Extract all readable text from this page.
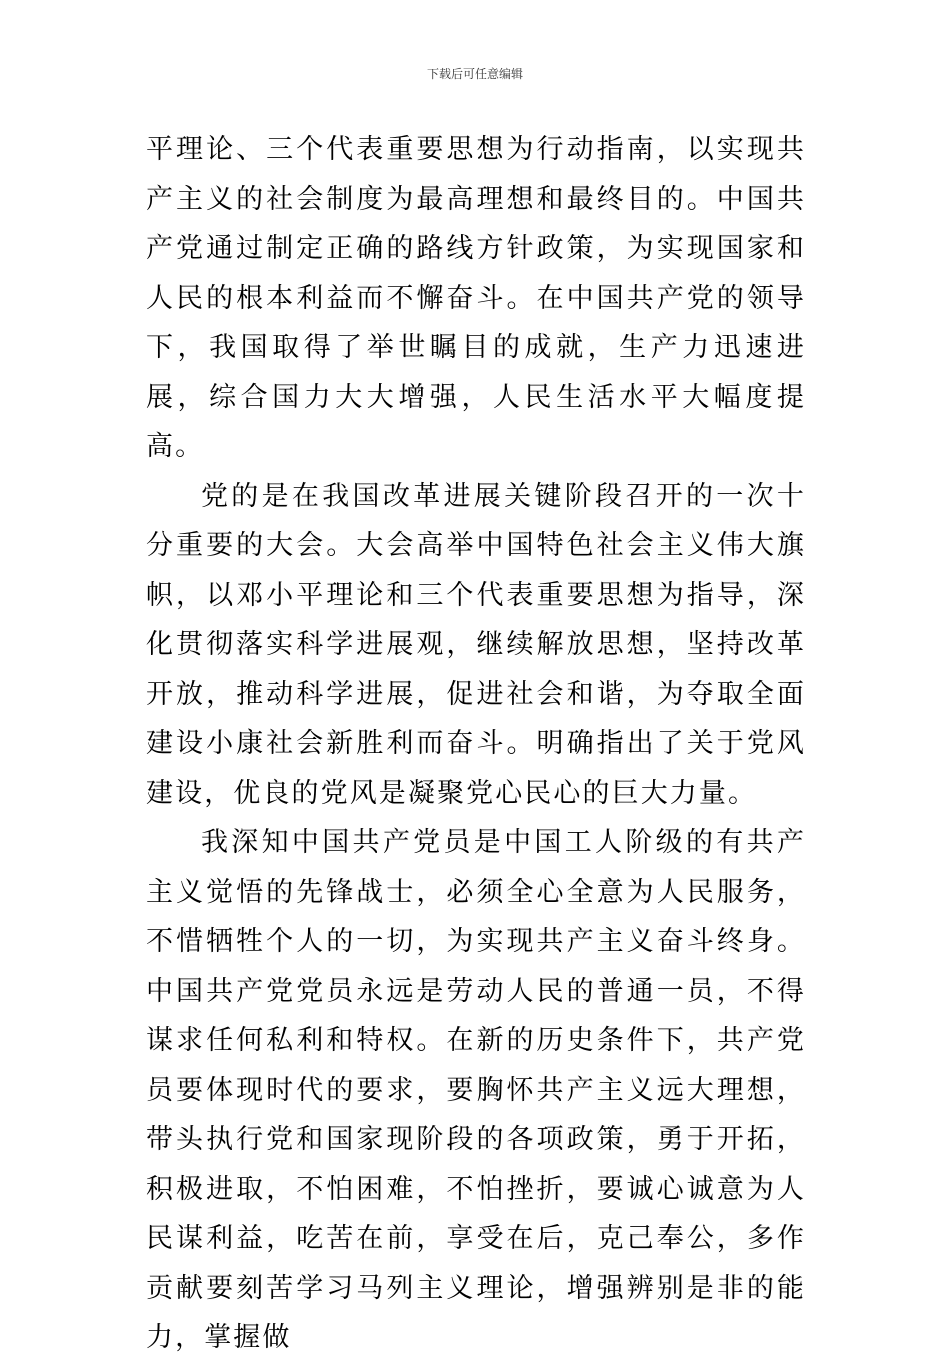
下载后可任意编辑

平理论、三个代表重要思想为行动指南，以实现共产主义的社会制度为最高理想和最终目的。中国共产党通过制定正确的路线方针政策，为实现国家和人民的根本利益而不懈奋斗。在中国共产党的领导下，我国取得了举世瞩目的成就，生产力迅速进展，综合国力大大增强，人民生活水平大幅度提高。

党的是在我国改革进展关键阶段召开的一次十分重要的大会。大会高举中国特色社会主义伟大旗帜，以邓小平理论和三个代表重要思想为指导，深化贯彻落实科学进展观，继续解放思想，坚持改革开放，推动科学进展，促进社会和谐，为夺取全面建设小康社会新胜利而奋斗。明确指出了关于党风建设，优良的党风是凝聚党心民心的巨大力量。

我深知中国共产党员是中国工人阶级的有共产主义觉悟的先锋战士，必须全心全意为人民服务，不惜牺牲个人的一切，为实现共产主义奋斗终身。中国共产党党员永远是劳动人民的普通一员，不得谋求任何私利和特权。在新的历史条件下，共产党员要体现时代的要求，要胸怀共产主义远大理想，带头执行党和国家现阶段的各项政策，勇于开拓，积极进取，不怕困难，不怕挫折，要诚心诚意为人民谋利益，吃苦在前，享受在后，克己奉公，多作贡献要刻苦学习马列主义理论，增强辨别是非的能力，掌握做
